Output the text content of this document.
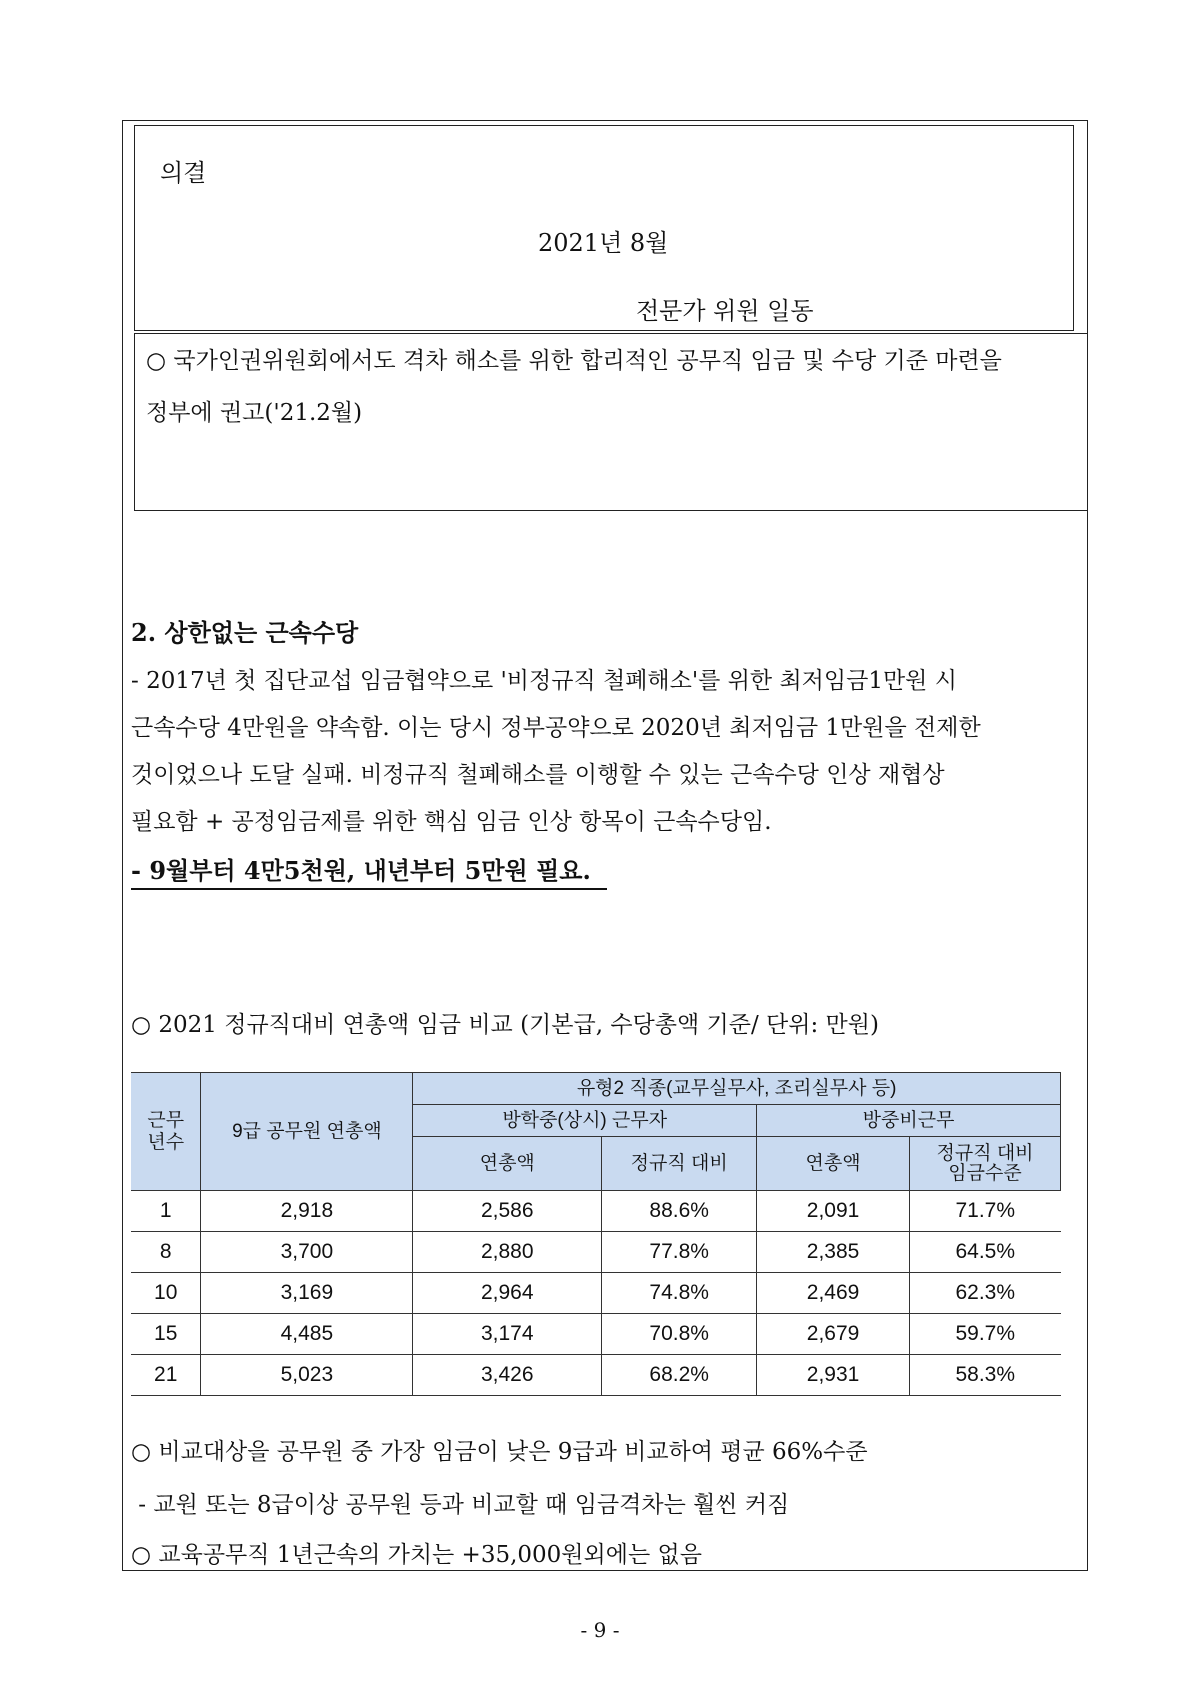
의결
2021년 8월
전문가 위원 일동
○ 국가인권위원회에서도 격차 해소를 위한 합리적인 공무직 임금 및 수당 기준 마련을
정부에 권고('21.2월)
2. 상한없는 근속수당
- 2017년 첫 집단교섭 임금협약으로 '비정규직 철폐해소'를 위한 최저임금1만원 시
근속수당 4만원을 약속함. 이는 당시 정부공약으로 2020년 최저임금 1만원을 전제한
것이었으나 도달 실패. 비정규직 철폐해소를 이행할 수 있는 근속수당 인상 재협상
필요함 + 공정임금제를 위한 핵심 임금 인상 항목이 근속수당임.
- 9월부터 4만5천원, 내년부터 5만원 필요.
○ 2021 정규직대비 연총액 임금 비교 (기본급, 수당총액 기준/ 단위: 만원)
근무
년수	9급 공무원 연총액	유형2 직종(교무실무사, 조리실무사 등)			
		방학중(상시) 근무자		방중비근무	
		연총액	정규직 대비	연총액	정규직 대비
임금수준
1	2,918	2,586	88.6%	2,091	71.7%
8	3,700	2,880	77.8%	2,385	64.5%
10	3,169	2,964	74.8%	2,469	62.3%
15	4,485	3,174	70.8%	2,679	59.7%
21	5,023	3,426	68.2%	2,931	58.3%
○ 비교대상을 공무원 중 가장 임금이 낮은 9급과 비교하여 평균 66%수준
- 교원 또는 8급이상 공무원 등과 비교할 때 임금격차는 훨씬 커짐
○ 교육공무직 1년근속의 가치는 +35,000원외에는 없음
- 9 -
